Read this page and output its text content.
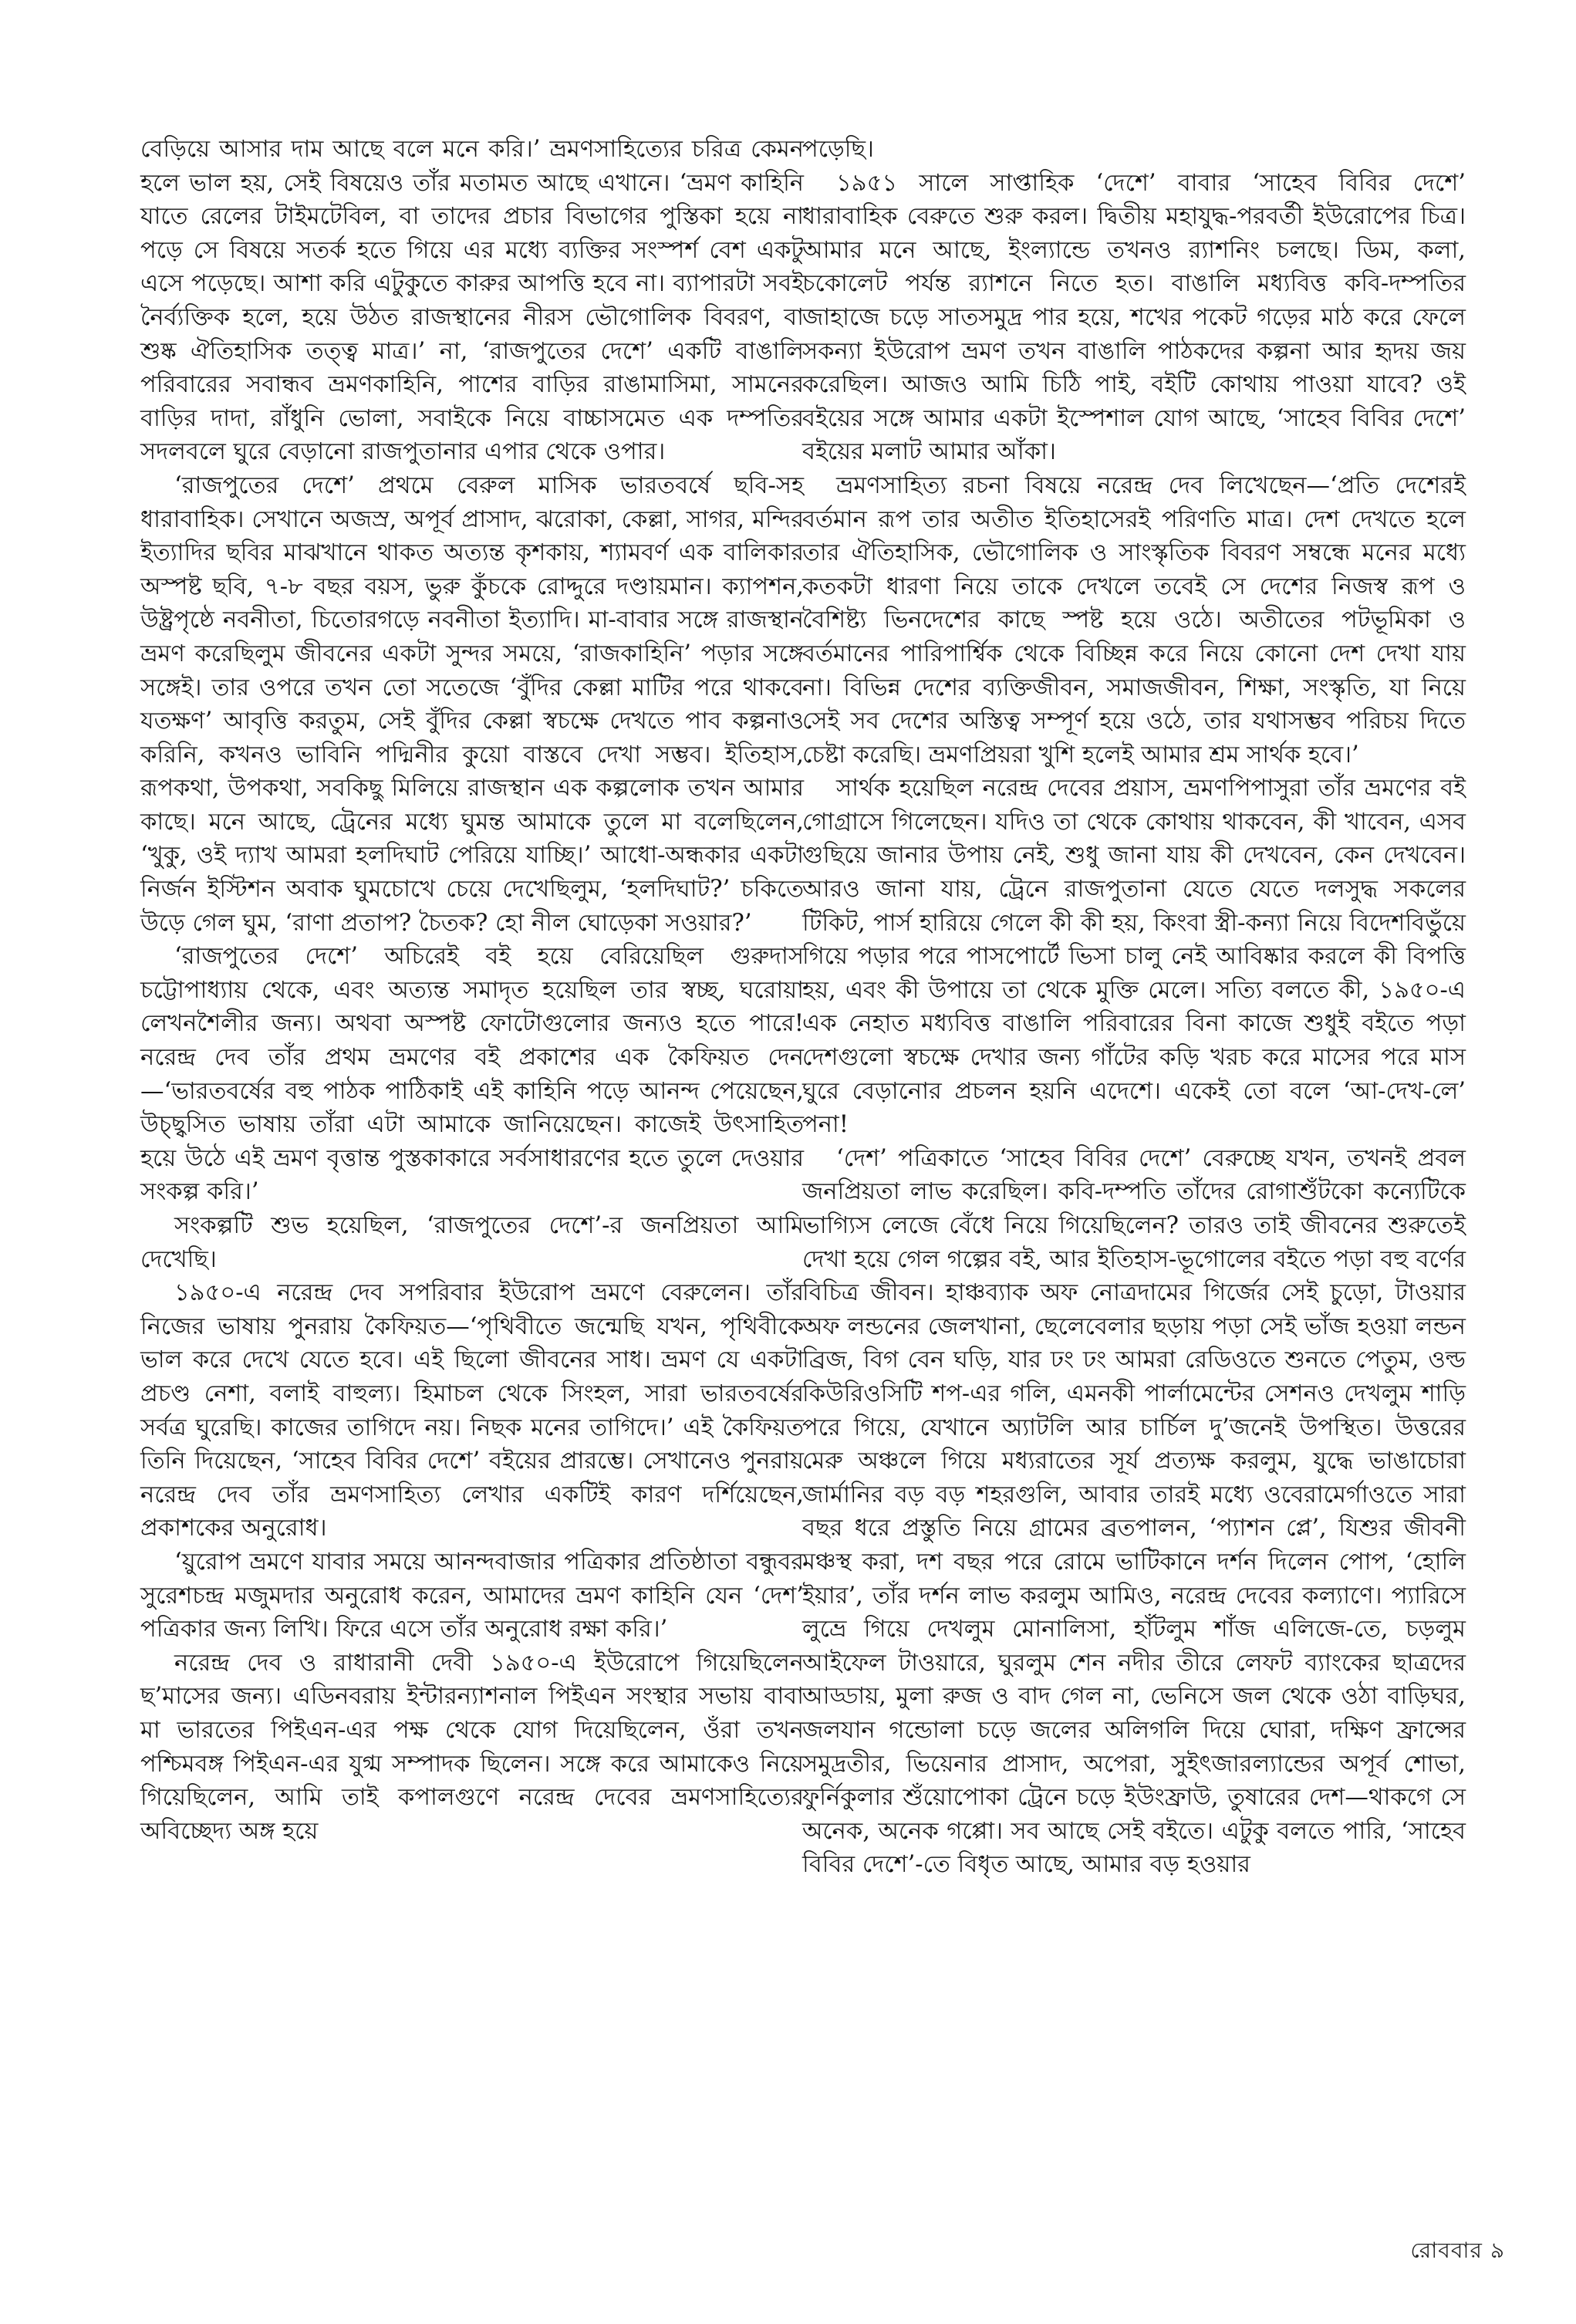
বেড়িয়ে আসার দাম আছে বলে মনে করি।’ ভ্রমণসাহিত্যের চরিত্র কেমন হলে ভাল হয়, সেই বিষয়েও তাঁর মতামত আছে এখানে। ‘ভ্রমণ কাহিনি যাতে রেলের টাইমটেবিল, বা তাদের প্রচার বিভাগের পুস্তিকা হয়ে না পড়ে সে বিষয়ে সতর্ক হতে গিয়ে এর মধ্যে ব্যক্তির সংস্পর্শ বেশ একটু এসে পড়েছে। আশা করি এটুকুতে কারুর আপত্তি হবে না। ব্যাপারটা সবই নৈর্ব্যক্তিক হলে, হয়ে উঠত রাজস্থানের নীরস ভৌগোলিক বিবরণ, বা শুষ্ক ঐতিহাসিক তত্ত্ব মাত্র।’ না, ‘রাজপুতের দেশে’ একটি বাঙালি পরিবারের সবান্ধব ভ্রমণকাহিনি, পাশের বাড়ির রাঙামাসিমা, সামনের বাড়ির দাদা, রাঁধুনি ভোলা, সবাইকে নিয়ে বাচ্চাসমেত এক দম্পতির সদলবলে ঘুরে বেড়ানো রাজপুতানার এপার থেকে ওপার।

‘রাজপুতের দেশে’ প্রথমে বেরুল মাসিক ভারতবর্ষে ছবি-সহ ধারাবাহিক। সেখানে অজস্র, অপূর্ব প্রাসাদ, ঝরোকা, কেল্লা, সাগর, মন্দির ইত্যাদির ছবির মাঝখানে থাকত অত্যন্ত কৃশকায়, শ্যামবর্ণ এক বালিকার অস্পষ্ট ছবি, ৭-৮ বছর বয়স, ভুরু কুঁচকে রোদ্দুরে দণ্ডায়মান। ক্যাপশন, উষ্ট্রপৃষ্ঠে নবনীতা, চিতোরগড়ে নবনীতা ইত্যাদি। মা-বাবার সঙ্গে রাজস্থান ভ্রমণ করেছিলুম জীবনের একটা সুন্দর সময়ে, ‘রাজকাহিনি’ পড়ার সঙ্গে সঙ্গেই। তার ওপরে তখন তো সতেজে ‘বুঁদির কেল্লা মাটির পরে থাকবে যতক্ষণ’ আবৃত্তি করতুম, সেই বুঁদির কেল্লা স্বচক্ষে দেখতে পাব কল্পনাও করিনি, কখনও ভাবিনি পদ্মিনীর কুয়ো বাস্তবে দেখা সম্ভব। ইতিহাস, রূপকথা, উপকথা, সবকিছু মিলিয়ে রাজস্থান এক কল্পলোক তখন আমার কাছে। মনে আছে, ট্রেনের মধ্যে ঘুমন্ত আমাকে তুলে মা বলেছিলেন, ‘খুকু, ওই দ্যাখ আমরা হলদিঘাট পেরিয়ে যাচ্ছি।’ আধো-অন্ধকার একটা নির্জন ইস্টিশন অবাক ঘুমচোখে চেয়ে দেখেছিলুম, ‘হলদিঘাট?’ চকিতে উড়ে গেল ঘুম, ‘রাণা প্রতাপ? চৈতক? হো নীল ঘোড়েকা সওয়ার?’

‘রাজপুতের দেশে’ অচিরেই বই হয়ে বেরিয়েছিল গুরুদাস চট্টোপাধ্যায় থেকে, এবং অত্যন্ত সমাদৃত হয়েছিল তার স্বচ্ছ, ঘরোয়া লেখনশৈলীর জন্য। অথবা অস্পষ্ট ফোটোগুলোর জন্যও হতে পারে! নরেন্দ্র দেব তাঁর প্রথম ভ্রমণের বই প্রকাশের এক কৈফিয়ত দেন—‘ভারতবর্ষের বহু পাঠক পাঠিকাই এই কাহিনি পড়ে আনন্দ পেয়েছেন, উচ্ছ্বসিত ভাষায় তাঁরা এটা আমাকে জানিয়েছেন। কাজেই উৎসাহিত হয়ে উঠে এই ভ্রমণ বৃত্তান্ত পুস্তকাকারে সর্বসাধারণের হতে তুলে দেওয়ার সংকল্প করি।’

সংকল্পটি শুভ হয়েছিল, ‘রাজপুতের দেশে’-র জনপ্রিয়তা আমি দেখেছি।

১৯৫০-এ নরেন্দ্র দেব সপরিবার ইউরোপ ভ্রমণে বেরুলেন। তাঁর নিজের ভাষায় পুনরায় কৈফিয়ত—‘পৃথিবীতে জন্মেছি যখন, পৃথিবীকে ভাল করে দেখে যেতে হবে। এই ছিলো জীবনের সাধ। ভ্রমণ যে একটা প্রচণ্ড নেশা, বলাই বাহুল্য। হিমাচল থেকে সিংহল, সারা ভারতবর্ষের সর্বত্র ঘুরেছি। কাজের তাগিদে নয়। নিছক মনের তাগিদে।’ এই কৈফিয়ত তিনি দিয়েছেন, ‘সাহেব বিবির দেশে’ বইয়ের প্রারম্ভে। সেখানেও পুনরায় নরেন্দ্র দেব তাঁর ভ্রমণসাহিত্য লেখার একটিই কারণ দর্শিয়েছেন, প্রকাশকের অনুরোধ।

‘য়ুরোপ ভ্রমণে যাবার সময়ে আনন্দবাজার পত্রিকার প্রতিষ্ঠাতা বন্ধুবর সুরেশচন্দ্র মজুমদার অনুরোধ করেন, আমাদের ভ্রমণ কাহিনি যেন ‘দেশ’ পত্রিকার জন্য লিখি। ফিরে এসে তাঁর অনুরোধ রক্ষা করি।’

নরেন্দ্র দেব ও রাধারানী দেবী ১৯৫০-এ ইউরোপে গিয়েছিলেন ছ’মাসের জন্য। এডিনবরায় ইন্টারন্যাশনাল পিইএন সংস্থার সভায় বাবা মা ভারতের পিইএন-এর পক্ষ থেকে যোগ দিয়েছিলেন, ওঁরা তখন পশ্চিমবঙ্গ পিইএন-এর যুগ্ম সম্পাদক ছিলেন। সঙ্গে করে আমাকেও নিয়ে গিয়েছিলেন, আমি তাই কপালগুণে নরেন্দ্র দেবের ভ্রমণসাহিত্যের অবিচ্ছেদ্য অঙ্গ হয়ে

পড়েছি।

১৯৫১ সালে সাপ্তাহিক ‘দেশে’ বাবার ‘সাহেব বিবির দেশে’ ধারাবাহিক বেরুতে শুরু করল। দ্বিতীয় মহাযুদ্ধ-পরবর্তী ইউরোপের চিত্র। আমার মনে আছে, ইংল্যান্ডে তখনও র‍্যাশনিং চলছে। ডিম, কলা, চকোলেট পর্যন্ত র‍্যাশনে নিতে হত। বাঙালি মধ্যবিত্ত কবি-দম্পতির জাহাজে চড়ে সাতসমুদ্র পার হয়ে, শখের পকেট গড়ের মাঠ করে ফেলে সকন্যা ইউরোপ ভ্রমণ তখন বাঙালি পাঠকদের কল্পনা আর হৃদয় জয় করেছিল। আজও আমি চিঠি পাই, বইটি কোথায় পাওয়া যাবে? ওই বইয়ের সঙ্গে আমার একটা ইস্পেশাল যোগ আছে, ‘সাহেব বিবির দেশে’ বইয়ের মলাট আমার আঁকা।

ভ্রমণসাহিত্য রচনা বিষয়ে নরেন্দ্র দেব লিখেছেন—‘প্রতি দেশেরই বর্তমান রূপ তার অতীত ইতিহাসেরই পরিণতি মাত্র। দেশ দেখতে হলে তার ঐতিহাসিক, ভৌগোলিক ও সাংস্কৃতিক বিবরণ সম্বন্ধে মনের মধ্যে কতকটা ধারণা নিয়ে তাকে দেখলে তবেই সে দেশের নিজস্ব রূপ ও বৈশিষ্ট্য ভিনদেশের কাছে স্পষ্ট হয়ে ওঠে। অতীতের পটভূমিকা ও বর্তমানের পারিপার্শ্বিক থেকে বিচ্ছিন্ন করে নিয়ে কোনো দেশ দেখা যায় না। বিভিন্ন দেশের ব্যক্তিজীবন, সমাজজীবন, শিক্ষা, সংস্কৃতি, যা নিয়ে সেই সব দেশের অস্তিত্ব সম্পূর্ণ হয়ে ওঠে, তার যথাসম্ভব পরিচয় দিতে চেষ্টা করেছি। ভ্রমণপ্রিয়রা খুশি হলেই আমার শ্রম সার্থক হবে।’

সার্থক হয়েছিল নরেন্দ্র দেবের প্রয়াস, ভ্রমণপিপাসুরা তাঁর ভ্রমণের বই গোগ্রাসে গিলেছেন। যদিও তা থেকে কোথায় থাকবেন, কী খাবেন, এসব গুছিয়ে জানার উপায় নেই, শুধু জানা যায় কী দেখবেন, কেন দেখবেন। আরও জানা যায়, ট্রেনে রাজপুতানা যেতে যেতে দলসুদ্ধ সকলের টিকিট, পার্স হারিয়ে গেলে কী কী হয়, কিংবা স্ত্রী-কন্যা নিয়ে বিদেশবিভুঁয়ে গিয়ে পড়ার পরে পাসপোর্টে ভিসা চালু নেই আবিষ্কার করলে কী বিপত্তি হয়, এবং কী উপায়ে তা থেকে মুক্তি মেলে। সত্যি বলতে কী, ১৯৫০-এ এক নেহাত মধ্যবিত্ত বাঙালি পরিবারের বিনা কাজে শুধুই বইতে পড়া দেশগুলো স্বচক্ষে দেখার জন্য গাঁটের কড়ি খরচ করে মাসের পরে মাস ঘুরে বেড়ানোর প্রচলন হয়নি এদেশে। একেই তো বলে ‘আ-দেখ-লে’ পনা!

‘দেশ’ পত্রিকাতে ‘সাহেব বিবির দেশে’ বেরুচ্ছে যখন, তখনই প্রবল জনপ্রিয়তা লাভ করেছিল। কবি-দম্পতি তাঁদের রোগাশুঁটকো কন্যেটিকে ভাগ্যিস লেজে বেঁধে নিয়ে গিয়েছিলেন? তারও তাই জীবনের শুরুতেই দেখা হয়ে গেল গল্পের বই, আর ইতিহাস-ভূগোলের বইতে পড়া বহু বর্ণের বিচিত্র জীবন। হাঞ্চব্যাক অফ নোত্রদামের গির্জের সেই চুড়ো, টাওয়ার অফ লন্ডনের জেলখানা, ছেলেবেলার ছড়ায় পড়া সেই ভাঁজ হওয়া লন্ডন ব্রিজ, বিগ বেন ঘড়ি, যার ঢং ঢং আমরা রেডিওতে শুনতে পেতুম, ওল্ড কিউরিওসিটি শপ-এর গলি, এমনকী পার্লামেন্টের সেশনও দেখলুম শাড়ি পরে গিয়ে, যেখানে অ্যাটলি আর চার্চিল দু’জনেই উপস্থিত। উত্তরের মেরু অঞ্চলে গিয়ে মধ্যরাতের সূর্য প্রত্যক্ষ করলুম, যুদ্ধে ভাঙাচোরা জার্মানির বড় বড় শহরগুলি, আবার তারই মধ্যে ওবেরামের্গাওতে সারা বছর ধরে প্রস্তুতি নিয়ে গ্রামের ব্রতপালন, ‘প্যাশন প্লে’, যিশুর জীবনী মঞ্চস্থ করা, দশ বছর পরে রোমে ভাটিকানে দর্শন দিলেন পোপ, ‘হোলি ইয়ার’, তাঁর দর্শন লাভ করলুম আমিও, নরেন্দ্র দেবের কল্যাণে। প্যারিসে লুভ্রে গিয়ে দেখলুম মোনালিসা, হাঁটলুম শাঁজ এলিজে-তে, চড়লুম আইফেল টাওয়ারে, ঘুরলুম শেন নদীর তীরে লেফট ব্যাংকের ছাত্রদের আড্ডায়, মুলা রুজ ও বাদ গেল না, ভেনিসে জল থেকে ওঠা বাড়িঘর, জলযান গন্ডোলা চড়ে জলের অলিগলি দিয়ে ঘোরা, দক্ষিণ ফ্রান্সের সমুদ্রতীর, ভিয়েনার প্রাসাদ, অপেরা, সুইৎজারল্যান্ডের অপূর্ব শোভা, ফুর্নিকুলার শুঁয়োপোকা ট্রেনে চড়ে ইউংফ্রাউ, তুষারের দেশ—থাকগে সে অনেক, অনেক গপ্পো। সব আছে সেই বইতে। এটুকু বলতে পারি, ‘সাহেব বিবির দেশে’-তে বিধৃত আছে, আমার বড় হওয়ার

রোববার ৯
